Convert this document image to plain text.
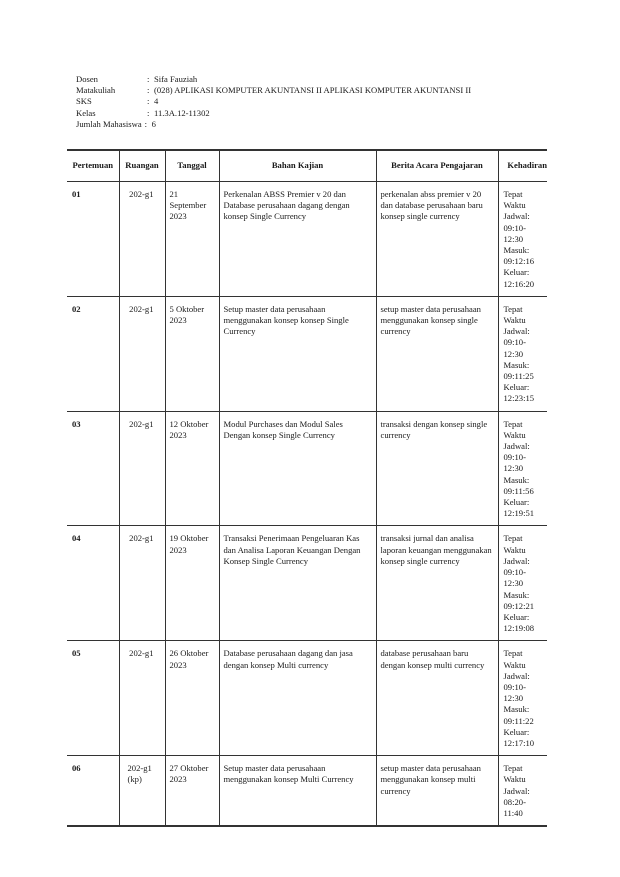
Dosen	: Sifa Fauziah
Matakuliah	: (028) APLIKASI KOMPUTER AKUNTANSI II APLIKASI KOMPUTER AKUNTANSI II
SKS	: 4
Kelas	: 11.3A.12-11302
Jumlah Mahasiswa : 6
Pertemuan	Ruangan	Tanggal	Bahan Kajian	Berita Acara Pengajaran	Kehadiran
01	202-g1	21 September 2023	Perkenalan ABSS Premier v 20 dan Database perusahaan dagang dengan konsep Single Currency	perkenalan abss premier v 20 dan database perusahaan baru konsep single currency	Tepat Waktu Jadwal: 09:10-12:30 Masuk: 09:12:16 Keluar: 12:16:20
02	202-g1	5 Oktober 2023	Setup master data perusahaan menggunakan konsep konsep Single Currency	setup master data perusahaan menggunakan konsep single currency	Tepat Waktu Jadwal: 09:10-12:30 Masuk: 09:11:25 Keluar: 12:23:15
03	202-g1	12 Oktober 2023	Modul Purchases dan Modul Sales Dengan konsep Single Currency	transaksi dengan konsep single currency	Tepat Waktu Jadwal: 09:10-12:30 Masuk: 09:11:56 Keluar: 12:19:51
04	202-g1	19 Oktober 2023	Transaksi Penerimaan Pengeluaran Kas dan Analisa Laporan Keuangan Dengan Konsep Single Currency	transaksi jurnal dan analisa laporan keuangan menggunakan konsep single currency	Tepat Waktu Jadwal: 09:10-12:30 Masuk: 09:12:21 Keluar: 12:19:08
05	202-g1	26 Oktober 2023	Database perusahaan dagang dan jasa dengan konsep Multi currency	database perusahaan baru dengan konsep multi currency	Tepat Waktu Jadwal: 09:10-12:30 Masuk: 09:11:22 Keluar: 12:17:10
06	202-g1 (kp)	27 Oktober 2023	Setup master data perusahaan menggunakan konsep Multi Currency	setup master data perusahaan menggunakan konsep multi currency	Tepat Waktu Jadwal: 08:20-11:40
